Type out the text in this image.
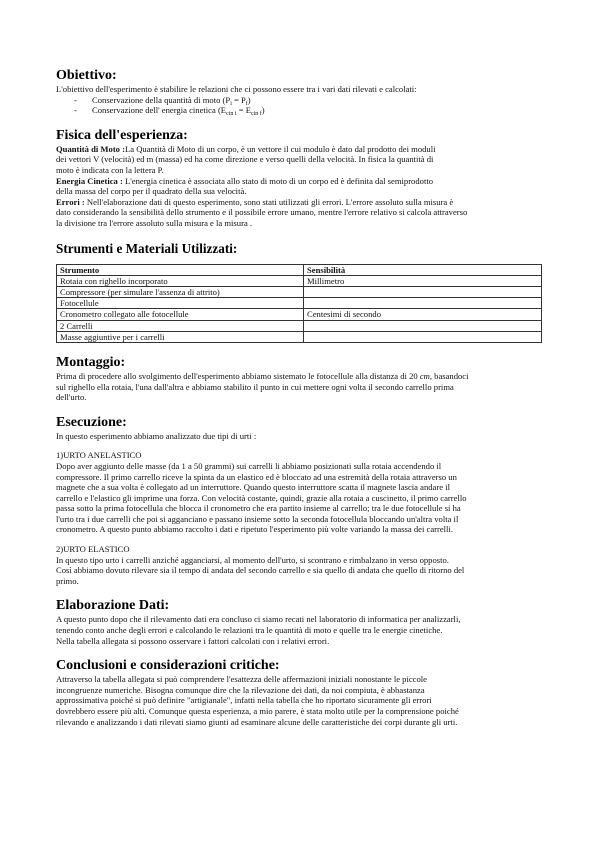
Obiettivo:

L'obiettivo dell'esperimento è stabilire le relazioni che ci possono essere tra i vari dati rilevati e calcolati:

- Conservazione della quantità di moto $(P_i = P_f)$
- Conservazione dell' energia cinetica $(E_{cin i} = E_{cin f})$
Fisica dell'esperienza:

Quantità di Moto :La Quantità di Moto di un corpo, è un vettore il cui modulo è dato dal prodotto dei moduli

dei vettori V (velocità) ed m (massa) ed ha come direzione e verso quelli della velocità. In fisica la quantità di

moto è indicata con la lettera P.

Energia Cinetica : L'energia cinetica è associata allo stato di moto di un corpo ed è definita dal semiprodotto

della massa del corpo per il quadrato della sua velocità.

Errori : Nell'elaborazione dati di questo esperimento, sono stati utilizzati gli errori. L'errore assoluto sulla misura è

dato considerando la sensibilità dello strumento e il possibile errore umano, mentre l'errore relativo si calcola attraverso

la divisione tra l'errore assoluto sulla misura e la misura .

Strumenti e Materiali Utilizzati:
Strumento	Sensibilità
Rotaia con righello incorporato	Millimetro
Compressore (per simulare l'assenza di attrito)	
Fotocellule	
Cronometro collegato alle fotocellule	Centesimi di secondo
2 Carrelli	
Masse aggiuntive per i carrelli	
Montaggio:

Prima di procedere allo svolgimento dell'esperimento abbiamo sistemato le fotocellule alla distanza di 20 cm, basandoci

sul righello ella rotaia, l'una dall'altra e abbiamo stabilito il punto in cui mettere ogni volta il secondo carrello prima

dell'urto.

Esecuzione:

In questo esperimento abbiamo analizzato due tipi di urti :

1)URTO ANELASTICO

Dopo aver aggiunto delle masse (da 1 a 50 grammi) sui carrelli li abbiamo posizionati sulla rotaia accendendo il

compressore. Il primo carrello riceve la spinta da un elastico ed è bloccato ad una estremità della rotaia attraverso un

magnete che a sua volta è collegato ad un interruttore. Quando questo interruttore scatta il magnete lascia andare il

carrello e l'elastico gli imprime una forza. Con velocità costante, quindi, grazie alla rotaia a cuscinetto, il primo carrello

passa sotto la prima fotocellula che blocca il cronometro che era partito insieme al carrello; tra le due fotocellule si ha

l'urto tra i due carrelli che poi si agganciano e passano insieme sotto la seconda fotocellula bloccando un'altra volta il

cronometro. A questo punto abbiamo raccolto i dati e ripetuto l'esperimento più volte variando la massa dei carrelli.

2)URTO ELASTICO

In questo tipo urto i carrelli anziché agganciarsi, al momento dell'urto, si scontrano e rimbalzano in verso opposto.

Così abbiamo dovuto rilevare sia il tempo di andata del secondo carrello e sia quello di andata che quello di ritorno del

primo.

Elaborazione Dati:

A questo punto dopo che il rilevamento dati era concluso ci siamo recati nel laboratorio di informatica per analizzarli,

tenendo conto anche degli errori e calcolando le relazioni tra le quantità di moto e quelle tra le energie cinetiche.

Nella tabella allegata si possono osservare i fattori calcolati con i relativi errori.

Conclusioni e considerazioni critiche:

Attraverso la tabella allegata si può comprendere l'esattezza delle affermazioni iniziali nonostante le piccole

incongruenze numeriche. Bisogna comunque dire che la rilevazione dei dati, da noi compiuta, è abbastanza

approssimativa poiché si può definire "artigianale", infatti nella tabella che ho riportato sicuramente gli errori

dovrebbero essere più alti. Comunque questa esperienza, a mio parere, è stata molto utile per la comprensione poiché

rilevando e analizzando i dati rilevati siamo giunti ad esaminare alcune delle caratteristiche dei corpi durante gli urti.
